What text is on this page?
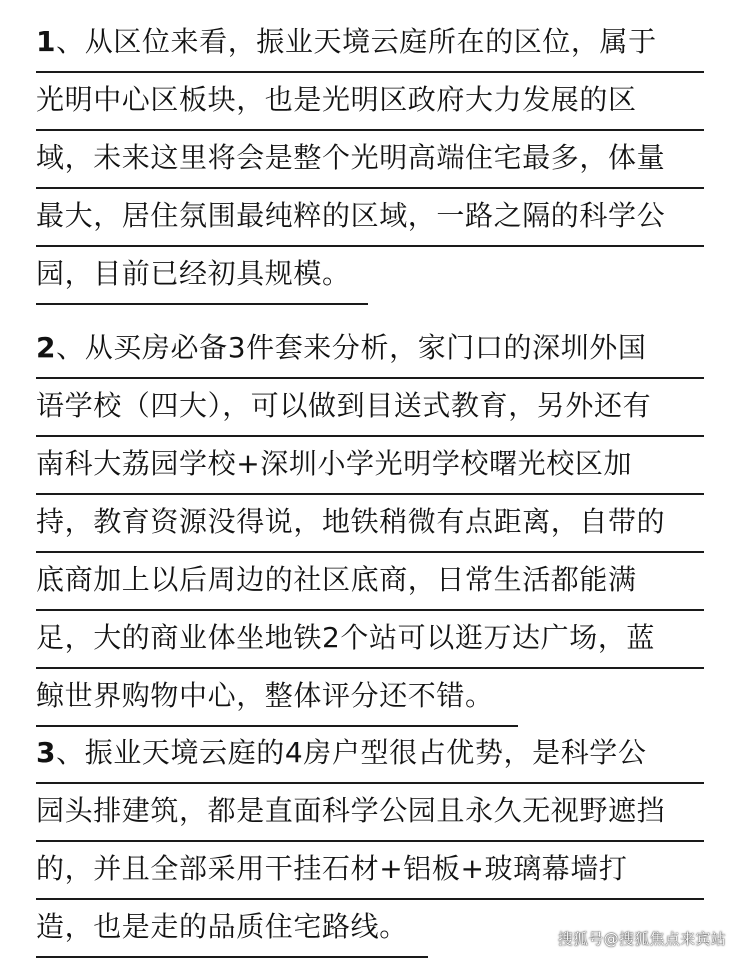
1、从区位来看，振业天境云庭所在的区位，属于
光明中心区板块，也是光明区政府大力发展的区
域，未来这里将会是整个光明高端住宅最多，体量
最大，居住氛围最纯粹的区域，一路之隔的科学公
园，目前已经初具规模。
2、从买房必备3件套来分析，家门口的深圳外国
语学校（四大），可以做到目送式教育，另外还有
南科大荔园学校+深圳小学光明学校曙光校区加
持，教育资源没得说，地铁稍微有点距离，自带的
底商加上以后周边的社区底商，日常生活都能满
足，大的商业体坐地铁2个站可以逛万达广场，蓝
鲸世界购物中心，整体评分还不错。
3、振业天境云庭的4房户型很占优势，是科学公
园头排建筑，都是直面科学公园且永久无视野遮挡
的，并且全部采用干挂石材+铝板+玻璃幕墙打
造，也是走的品质住宅路线。	搜狐号@搜狐焦点来宾站
